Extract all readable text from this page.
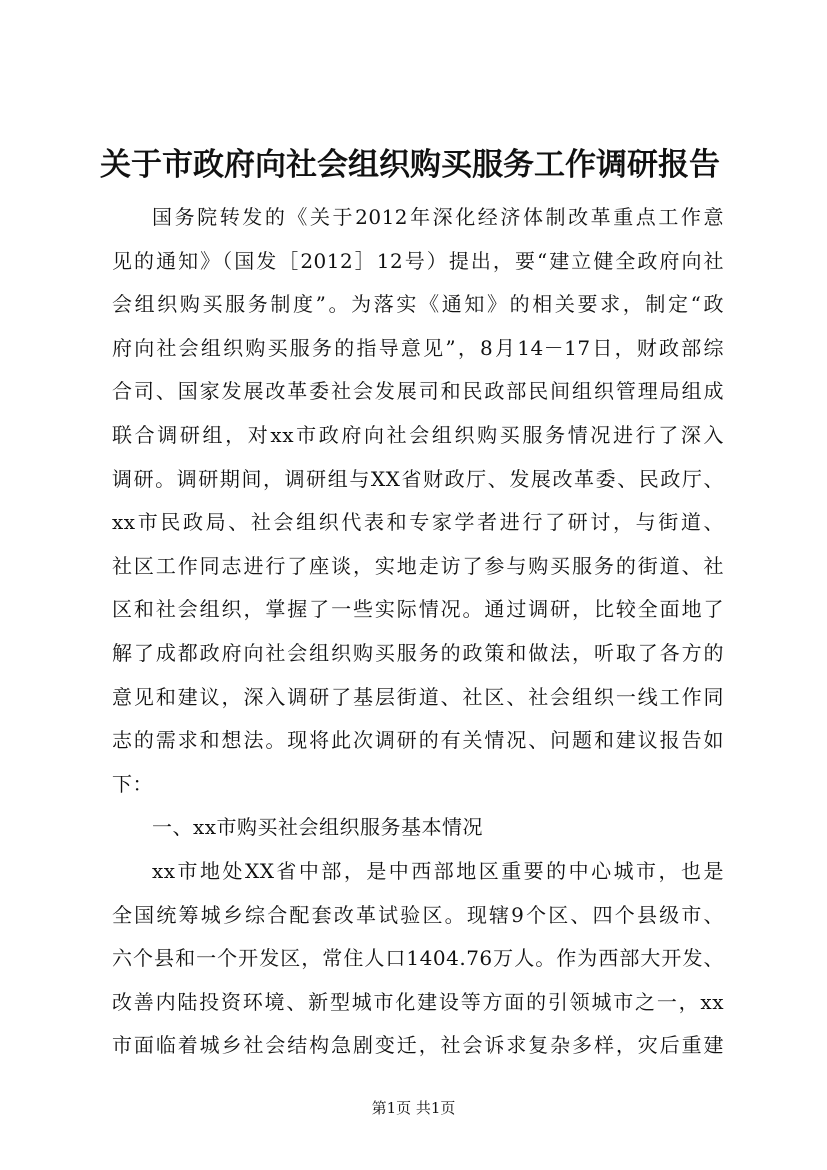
关于市政府向社会组织购买服务工作调研报告
国务院转发的《关于2012年深化经济体制改革重点工作意
见的通知》（国发［2012］12号）提出，要“建立健全政府向社
会组织购买服务制度”。为落实《通知》的相关要求，制定“政
府向社会组织购买服务的指导意见”，8月14－17日，财政部综
合司、国家发展改革委社会发展司和民政部民间组织管理局组成
联合调研组，对xx市政府向社会组织购买服务情况进行了深入
调研。调研期间，调研组与XX省财政厅、发展改革委、民政厅、
xx市民政局、社会组织代表和专家学者进行了研讨，与街道、
社区工作同志进行了座谈，实地走访了参与购买服务的街道、社
区和社会组织，掌握了一些实际情况。通过调研，比较全面地了
解了成都政府向社会组织购买服务的政策和做法，听取了各方的
意见和建议，深入调研了基层街道、社区、社会组织一线工作同
志的需求和想法。现将此次调研的有关情况、问题和建议报告如
下：
一、xx市购买社会组织服务基本情况
xx市地处XX省中部，是中西部地区重要的中心城市，也是
全国统筹城乡综合配套改革试验区。现辖9个区、四个县级市、
六个县和一个开发区，常住人口1404.76万人。作为西部大开发、
改善内陆投资环境、新型城市化建设等方面的引领城市之一，xx
市面临着城乡社会结构急剧变迁，社会诉求复杂多样，灾后重建
第1页 共1页
